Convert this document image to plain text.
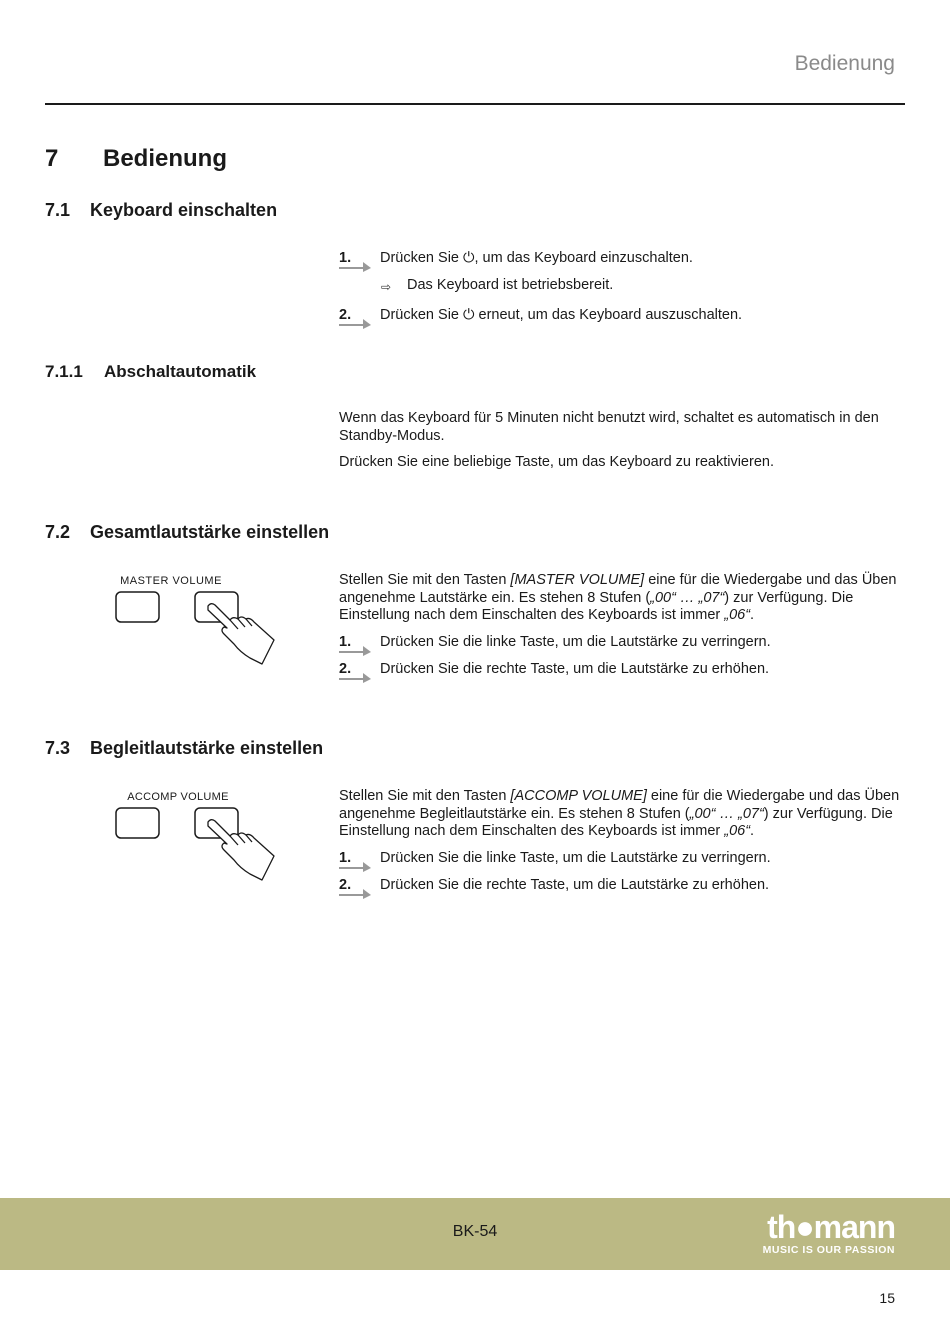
Bedienung
7 Bedienung
7.1 Keyboard einschalten
1. Drücken Sie ⏻, um das Keyboard einzuschalten.
⇨ Das Keyboard ist betriebsbereit.
2. Drücken Sie ⏻ erneut, um das Keyboard auszuschalten.
7.1.1 Abschaltautomatik

Wenn das Keyboard für 5 Minuten nicht benutzt wird, schaltet es automatisch in den Standby-Modus.

Drücken Sie eine beliebige Taste, um das Keyboard zu reaktivieren.

7.2 Gesamtlautstärke einstellen
MASTER VOLUME	Stellen Sie mit den Tasten [MASTER VOLUME] eine für die Wiedergabe und das Üben angenehme Lautstärke ein. Es stehen 8 Stufen („00“ … „07“) zur Verfügung. Die Einstellung nach dem Einschalten des Keyboards ist immer „06“.

1. Drücken Sie die linke Taste, um die Lautstärke zu verringern.
2. Drücken Sie die rechte Taste, um die Lautstärke zu erhöhen.
7.3 Begleitlautstärke einstellen
ACCOMP VOLUME	Stellen Sie mit den Tasten [ACCOMP VOLUME] eine für die Wiedergabe und das Üben angenehme Begleitlautstärke ein. Es stehen 8 Stufen („00“ … „07“) zur Verfügung. Die Einstellung nach dem Einschalten des Keyboards ist immer „06“.

1. Drücken Sie die linke Taste, um die Lautstärke zu verringern.
2. Drücken Sie die rechte Taste, um die Lautstärke zu erhöhen.
BK-54	th●mann
MUSIC IS OUR PASSION
15
